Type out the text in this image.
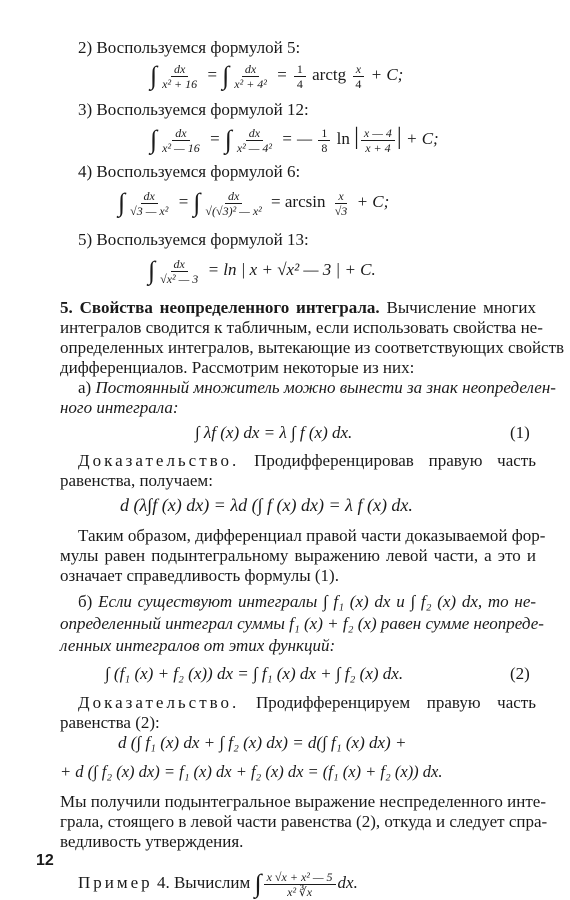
2) Воспользуемся формулой 5:
∫ $\frac{dx}{\text{x² + 16}}$ = ∫ $\frac{dx}{\text{x² + 4²}} = \frac{1}{4}$ arctg $\frac{x}{4} + C$;
3) Воспользуемся формулой 12:
∫ $\frac{dx}{\text{x² — 16}}$ = ∫ $\frac{dx}{\text{x² — 4²}}$ = — $\frac{1}{8}$ ln | $\frac{x — 4}{x + 4}$ | + C;
4) Воспользуемся формулой 6:
∫ $\frac{dx}{\text{√3 — x²}}$ = ∫ $\frac{dx}{\text{√(√3)² — x²}} = \arcsin \frac{x}{√3} + C$;
5) Воспользуемся формулой 13:
∫ $\frac{dx}{\text{√x² — 3}} = \ln$ | x + √x² — 3 | + C.
5. Свойства неопределенного интеграла. Вычисление многих
интегралов сводится к табличным, если использовать свойства не-
определенных интегралов, вытекающие из соответствующих свойств
дифференциалов. Рассмотрим некоторые из них:
а) Постоянный множитель можно вынести за знак неопределен-
ного интеграла:
∫ λf (x) dx = λ ∫ f (x) dx.	(1)
Доказательство. Продифференцировав правую часть
равенства, получаем:
d (λ∫f (x) dx) = λd (∫ f (x) dx) = λ f (x) dx.
Таким образом, дифференциал правой части доказываемой фор-
мулы равен подынтегральному выражению левой части, а это и
означает справедливость формулы (1).
б) Если существуют интегралы ∫ f₁ (x) dx и ∫ f₂ (x) dx, то не-
определенный интеграл суммы f₁ (x) + f₂ (x) равен сумме неопреде-
ленных интегралов от этих функций:
∫ (f₁ (x) + f₂ (x)) dx = ∫ f₁ (x) dx + ∫ f₂ (x) dx.	(2)
Доказательство. Продифференцируем правую часть
равенства (2):
d (∫ f₁ (x) dx + ∫ f₂ (x) dx) = d(∫ f₁ (x) dx) +
+ d (∫ f₂ (x) dx) = f₁ (x) dx + f₂ (x) dx = (f₁ (x) + f₂ (x)) dx.
Мы получили подынтегральное выражение неспределенного инте-
грала, стоящего в левой части равенства (2), откуда и следует спра-
ведливость утверждения.
Пример 4. Вычислим ∫ $\frac{\text{x √x + x² — 5}}{\text{x² ∛x}}$ dx.
12
